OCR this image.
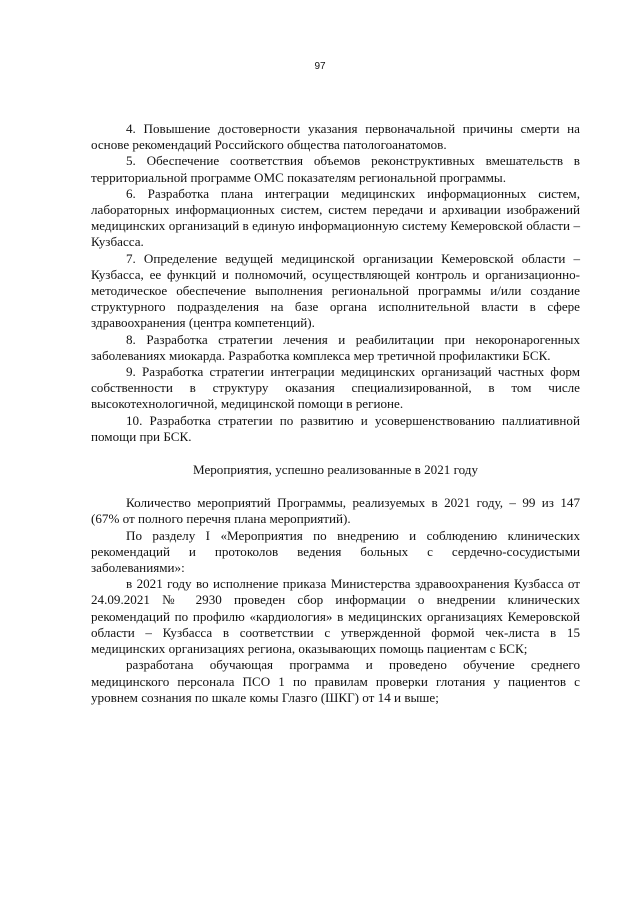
97

4. Повышение достоверности указания первоначальной причины смерти на основе рекомендаций Российского общества патологоанатомов.

5. Обеспечение соответствия объемов реконструктивных вмешательств в территориальной программе ОМС показателям региональной программы.

6. Разработка плана интеграции медицинских информационных систем, лабораторных информационных систем, систем передачи и архивации изображений медицинских организаций в единую информационную систему Кемеровской области – Кузбасса.

7. Определение ведущей медицинской организации Кемеровской области – Кузбасса, ее функций и полномочий, осуществляющей контроль и организационно-методическое обеспечение выполнения региональной программы и/или создание структурного подразделения на базе органа исполнительной власти в сфере здравоохранения (центра компетенций).

8. Разработка стратегии лечения и реабилитации при некоронарогенных заболеваниях миокарда. Разработка комплекса мер третичной профилактики БСК.

9. Разработка стратегии интеграции медицинских организаций частных форм собственности в структуру оказания специализированной, в том числе высокотехнологичной, медицинской помощи в регионе.

10. Разработка стратегии по развитию и усовершенствованию паллиативной помощи при БСК.

Мероприятия, успешно реализованные в 2021 году

Количество мероприятий Программы, реализуемых в 2021 году, – 99 из 147 (67% от полного перечня плана мероприятий).

По разделу I «Мероприятия по внедрению и соблюдению клинических рекомендаций и протоколов ведения больных с сердечно-сосудистыми заболеваниями»:

в 2021 году во исполнение приказа Министерства здравоохранения Кузбасса от 24.09.2021 № 2930 проведен сбор информации о внедрении клинических рекомендаций по профилю «кардиология» в медицинских организациях Кемеровской области – Кузбасса в соответствии с утвержденной формой чек-листа в 15 медицинских организациях региона, оказывающих помощь пациентам с БСК;

разработана обучающая программа и проведено обучение среднего медицинского персонала ПСО 1 по правилам проверки глотания у пациентов с уровнем сознания по шкале комы Глазго (ШКГ) от 14 и выше;
